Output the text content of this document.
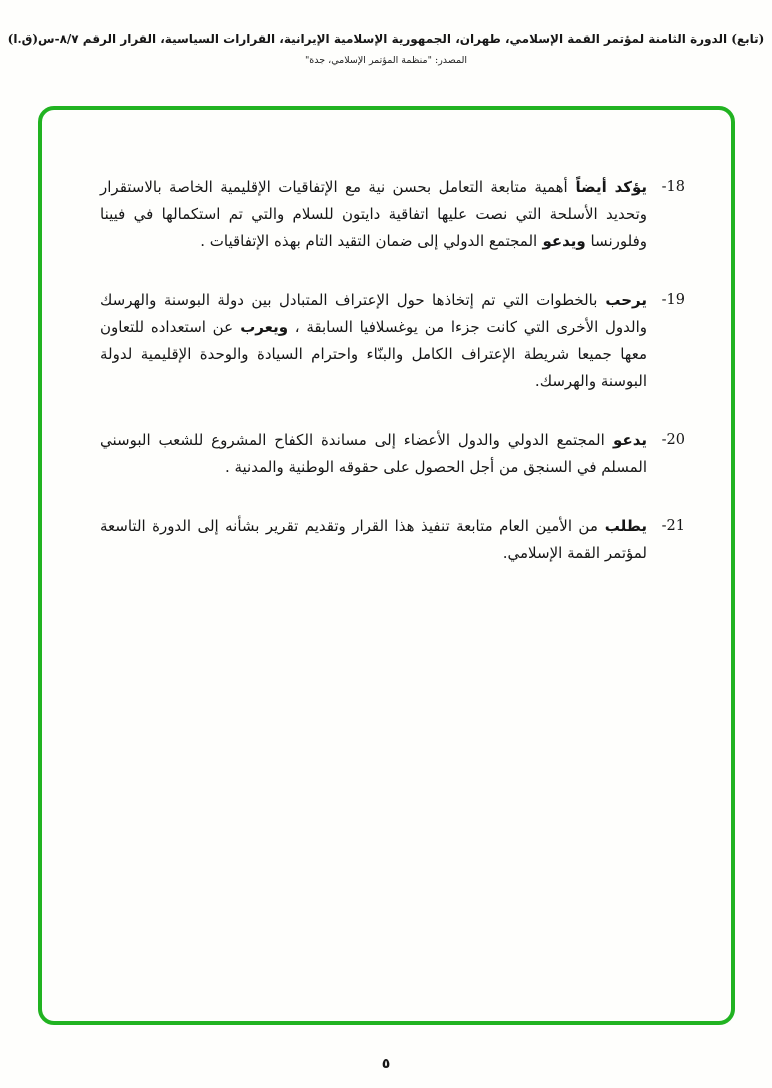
(تابع) الدورة الثامنة لمؤتمر القمة الإسلامي، طهران، الجمهورية الإسلامية الإيرانية، القرارات السياسية، القرار الرقم ٨/٧-س(ق.ا)
المصدر: "منظمة المؤتمر الإسلامي، جدة"
-18
يؤكد أيضاً أهمية متابعة التعامل بحسن نية مع الإتفاقيات الإقليمية الخاصة بالاستقرار وتحديد الأسلحة التي نصت عليها اتفاقية دايتون للسلام والتي تم استكمالها في فيينا وفلورنسا ويدعو المجتمع الدولي إلى ضمان التقيد التام بهذه الإتفاقيات .
-19
يرحب بالخطوات التي تم إتخاذها حول الإعتراف المتبادل بين دولة البوسنة والهرسك والدول الأخرى التي كانت جزءا من يوغسلافيا السابقة ، ويعرب عن استعداده للتعاون معها جميعا شريطة الإعتراف الكامل والبنّاء واحترام السيادة والوحدة الإقليمية لدولة البوسنة والهرسك.
-20
يدعو المجتمع الدولي والدول الأعضاء إلى مساندة الكفاح المشروع للشعب البوسني المسلم في السنجق من أجل الحصول على حقوقه الوطنية والمدنية .
-21
يطلب من الأمين العام متابعة تنفيذ هذا القرار وتقديم تقرير بشأنه إلى الدورة التاسعة لمؤتمر القمة الإسلامي.
٥
